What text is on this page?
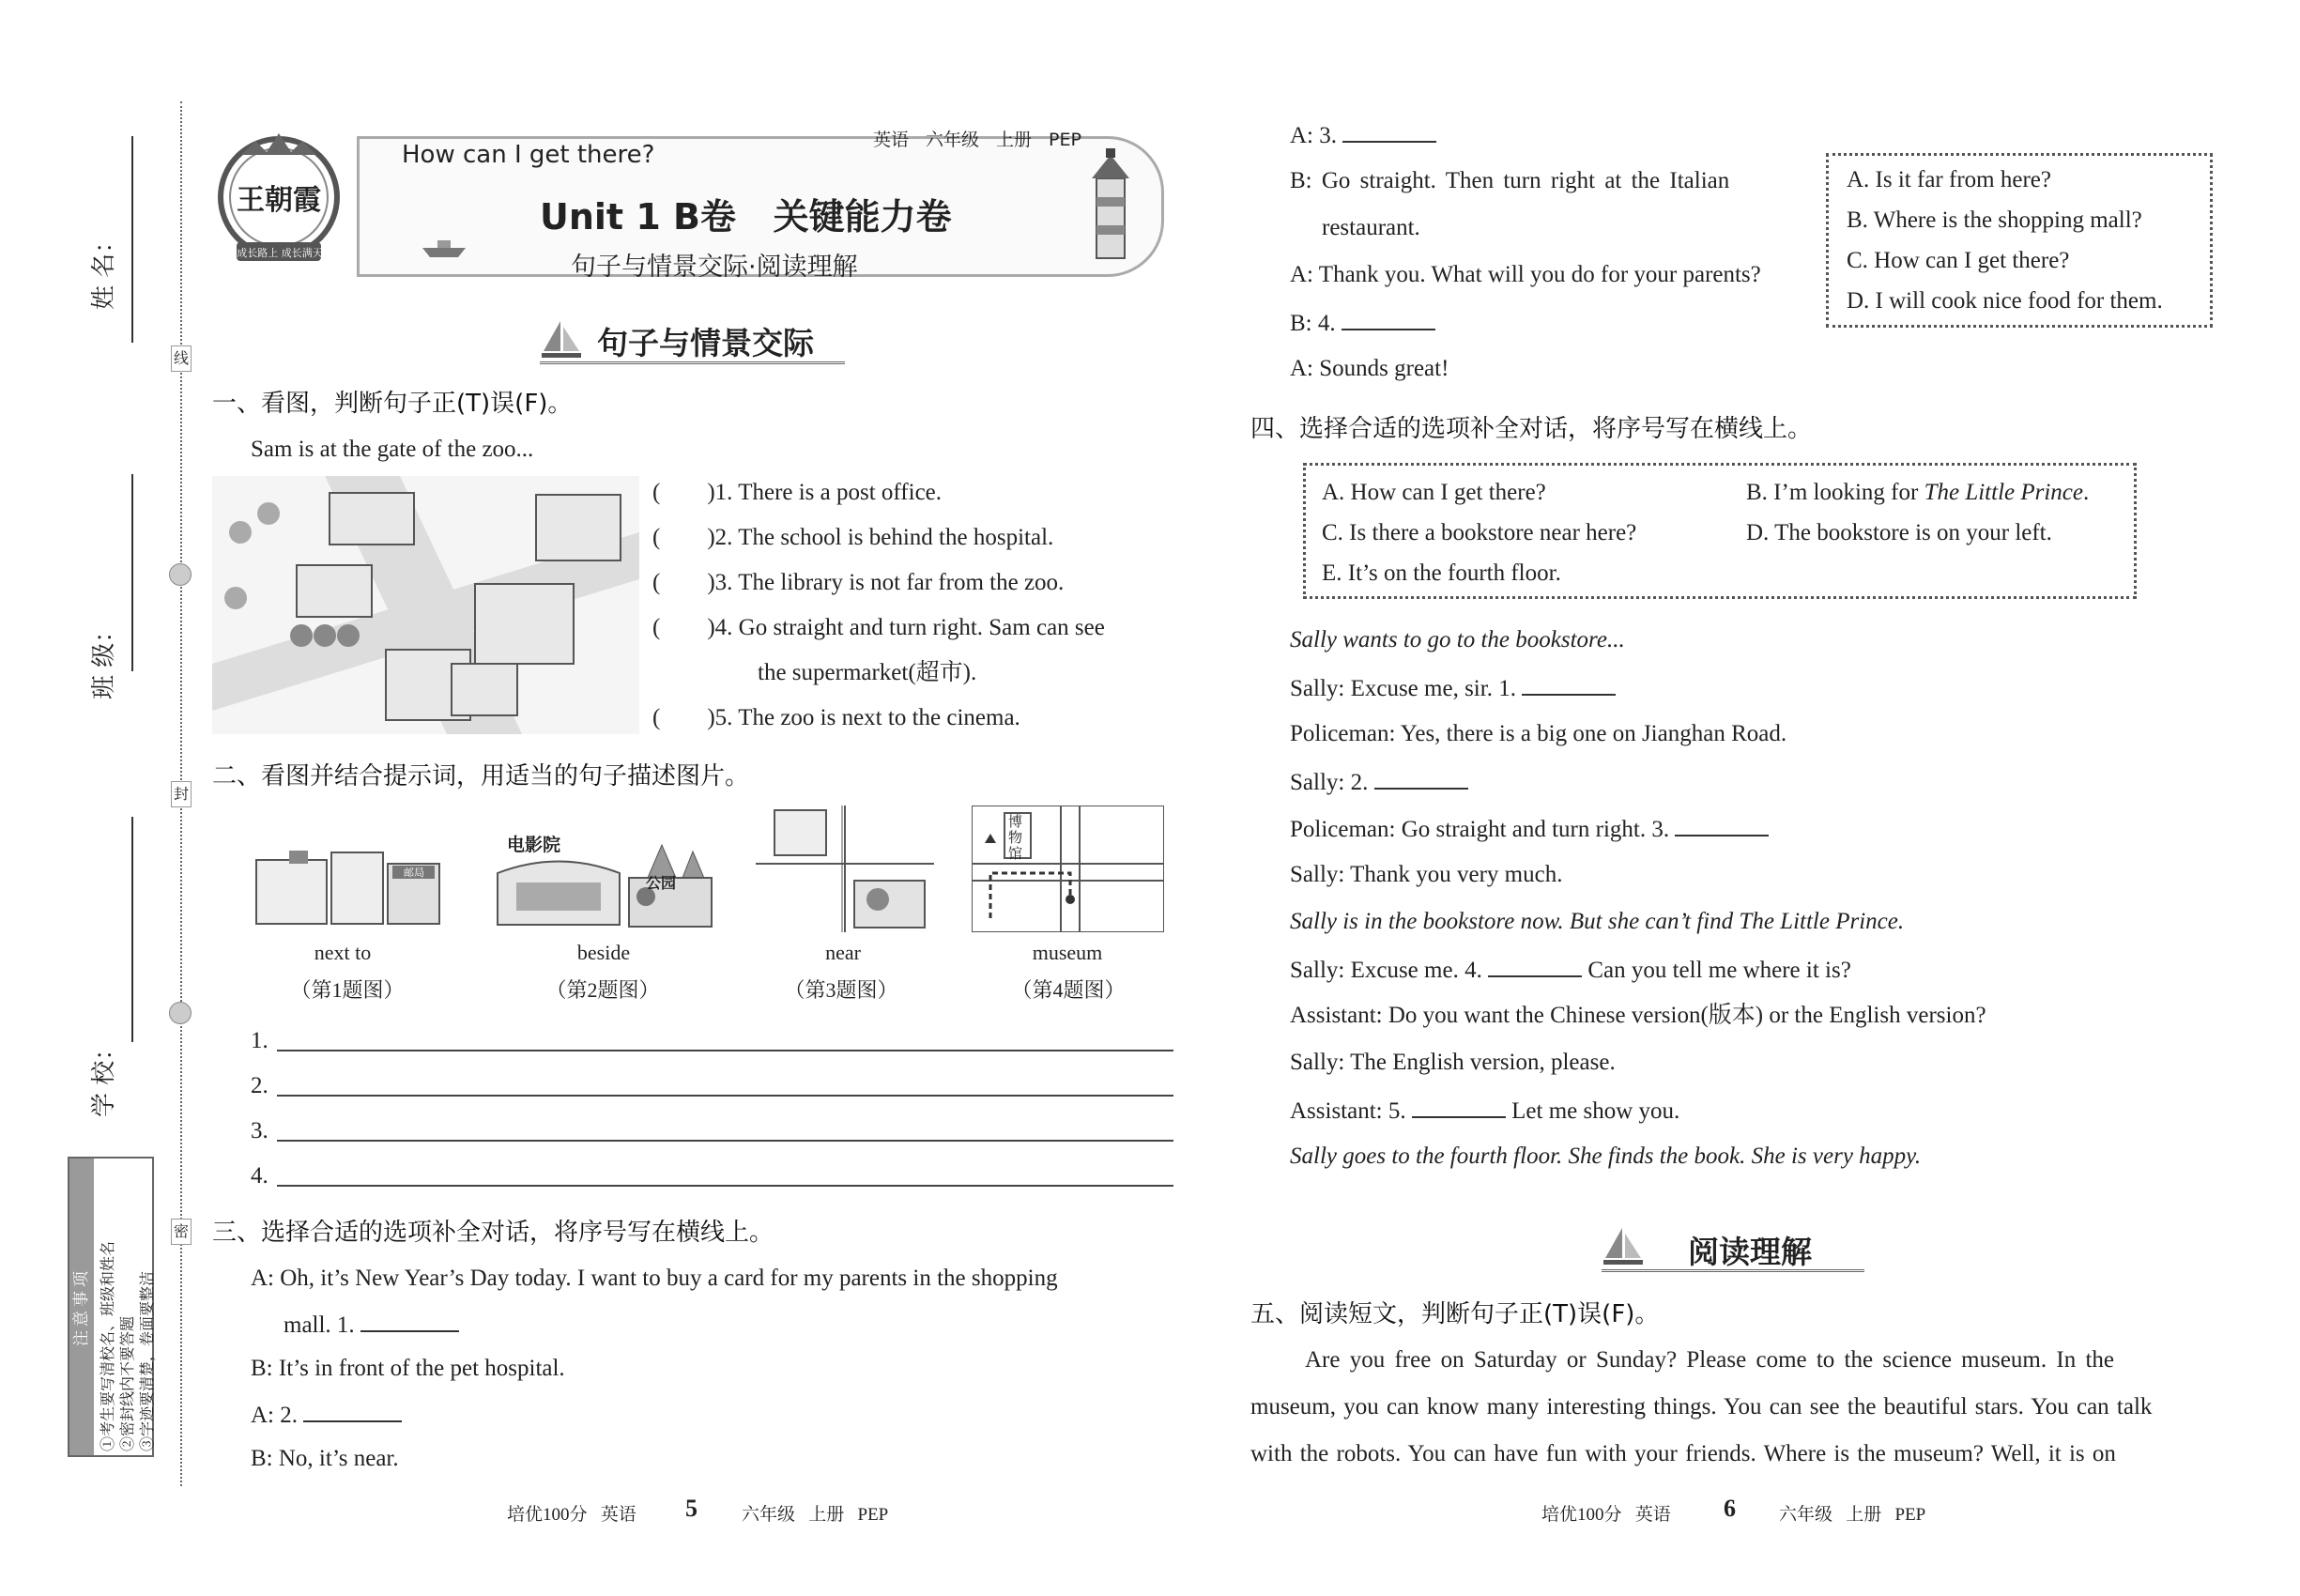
线
封
密
姓 名：
班 级：
学 校：
注意事项 ①考生要写清校名、班级和姓名 ②密封线内不要答题 ③字迹要清楚，卷面要整洁
王朝霞
成长路上 成长满天
How can I get there?
英语 六年级 上册 PEP
Unit 1 B卷   关键能力卷
句子与情景交际·阅读理解
句子与情景交际
一、看图，判断句子正(T)误(F)。
Sam is at the gate of the zoo...
(        )1. There is a post office.
(        )2. The school is behind the hospital.
(        )3. The library is not far from the zoo.
(        )4. Go straight and turn right. Sam can see
the supermarket(超市).
(        )5. The zoo is next to the cinema.
二、看图并结合提示词，用适当的句子描述图片。
邮局
电影院
公园
博物馆
next to	beside	near	museum
（第1题图）	（第2题图）	（第3题图）	（第4题图）
1.
2.
3.
4.
三、选择合适的选项补全对话，将序号写在横线上。
A: Oh, it’s New Year’s Day today. I want to buy a card for my parents in the shopping
mall. 1.
B: It’s in front of the pet hospital.
A: 2.
B: No, it’s near.
培优100分   英语 5 六年级   上册   PEP
A: 3.
B: Go straight. Then turn right at the Italian
restaurant.
A: Thank you. What will you do for your parents?
B: 4.
A: Sounds great!
A. Is it far from here?
B. Where is the shopping mall?
C. How can I get there?
D. I will cook nice food for them.
四、选择合适的选项补全对话，将序号写在横线上。
A. How can I get there?	B. I’m looking for The Little Prince.
C. Is there a bookstore near here?	D. The bookstore is on your left.
E. It’s on the fourth floor.
Sally wants to go to the bookstore...
Sally: Excuse me, sir. 1.
Policeman: Yes, there is a big one on Jianghan Road.
Sally: 2.
Policeman: Go straight and turn right. 3.
Sally: Thank you very much.
Sally is in the bookstore now. But she can’t find The Little Prince.
Sally: Excuse me. 4.	Can you tell me where it is?
Assistant: Do you want the Chinese version(版本) or the English version?
Sally: The English version, please.
Assistant: 5.	Let me show you.
Sally goes to the fourth floor. She finds the book. She is very happy.
阅读理解
五、阅读短文，判断句子正(T)误(F)。
Are you free on Saturday or Sunday? Please come to the science museum. In the
museum, you can know many interesting things. You can see the beautiful stars. You can talk
with the robots. You can have fun with your friends. Where is the museum? Well, it is on
培优100分   英语 6 六年级   上册   PEP
